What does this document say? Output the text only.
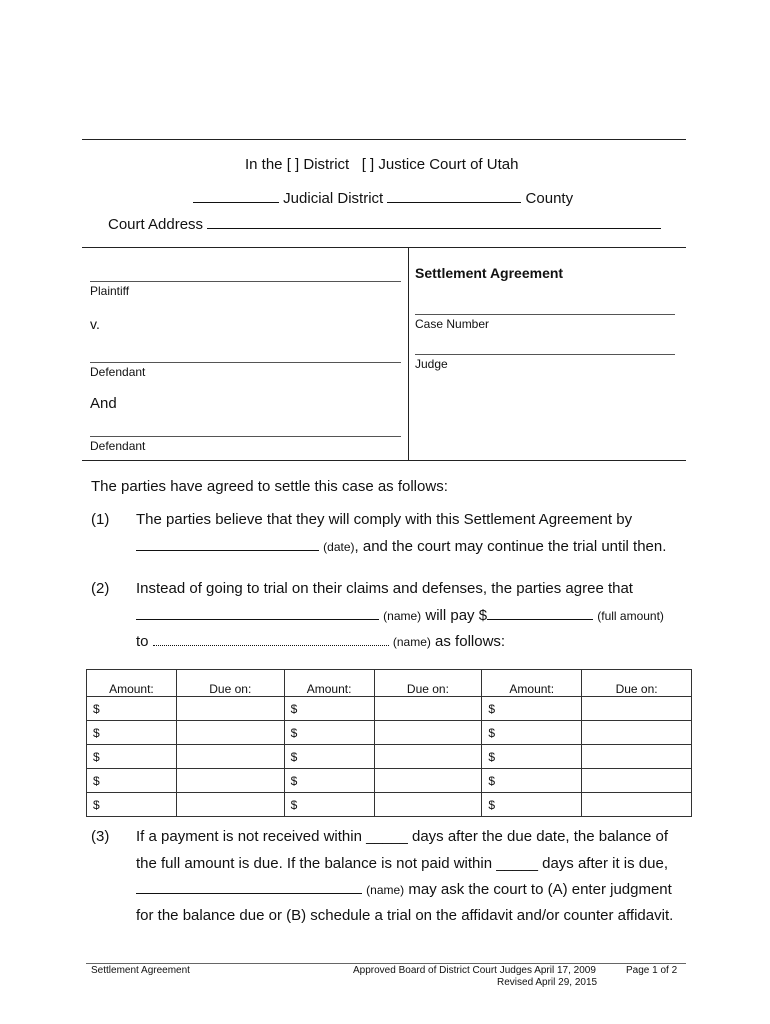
In the [ ] District   [ ] Justice Court of Utah
Judicial District	County
Court Address
Plaintiff
v.
Defendant
And
Defendant
Settlement Agreement
Case Number
Judge
The parties have agreed to settle this case as follows:
(1) The parties believe that they will comply with this Settlement Agreement by
(date), and the court may continue the trial until then.
(2) Instead of going to trial on their claims and defenses, the parties agree that
(name) will pay $	(full amount)
to	(name) as follows:
Amount:	Due on:	Amount:	Due on:	Amount:	Due on:
$		$		$	
$		$		$	
$		$		$	
$		$		$	
$		$		$	
(3) If a payment is not received within _____ days after the due date, the balance of
the full amount is due. If the balance is not paid within _____ days after it is due,
(name) may ask the court to (A) enter judgment
for the balance due or (B) schedule a trial on the affidavit and/or counter affidavit.
Settlement Agreement	Approved Board of District Court Judges April 17, 2009
Revised April 29, 2015
Page 1 of 2
